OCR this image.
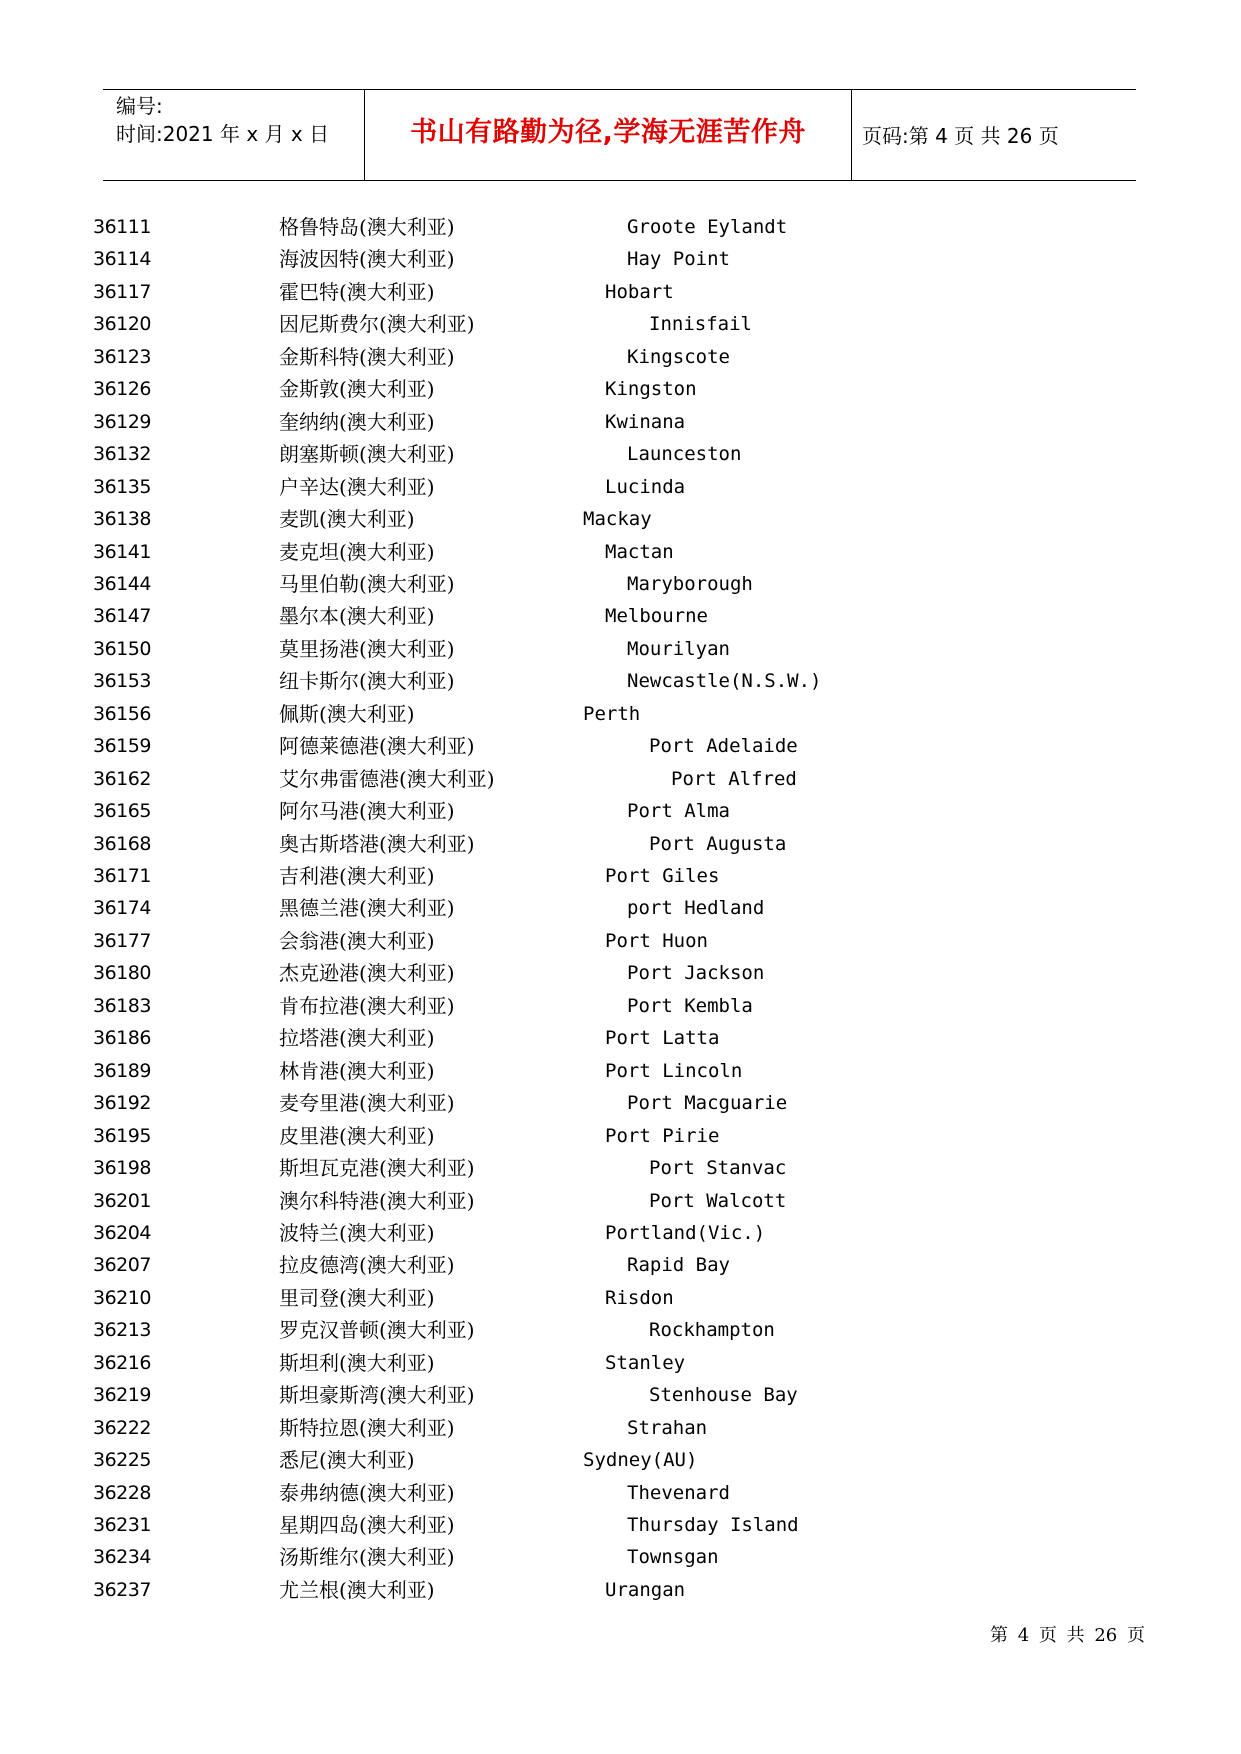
编号:
时间:2021 年 x 月 x 日	书山有路勤为径,学海无涯苦作舟	页码:第 4 页 共 26 页
36111	格鲁特岛(澳大利亚)	Groote Eylandt
36114	海波因特(澳大利亚)	Hay Point
36117	霍巴特(澳大利亚)	Hobart
36120	因尼斯费尔(澳大利亚)	Innisfail
36123	金斯科特(澳大利亚)	Kingscote
36126	金斯敦(澳大利亚)	Kingston
36129	奎纳纳(澳大利亚)	Kwinana
36132	朗塞斯顿(澳大利亚)	Launceston
36135	户辛达(澳大利亚)	Lucinda
36138	麦凯(澳大利亚)	Mackay
36141	麦克坦(澳大利亚)	Mactan
36144	马里伯勒(澳大利亚)	Maryborough
36147	墨尔本(澳大利亚)	Melbourne
36150	莫里扬港(澳大利亚)	Mourilyan
36153	纽卡斯尔(澳大利亚)	Newcastle(N.S.W.)
36156	佩斯(澳大利亚)	Perth
36159	阿德莱德港(澳大利亚)	Port Adelaide
36162	艾尔弗雷德港(澳大利亚)	Port Alfred
36165	阿尔马港(澳大利亚)	Port Alma
36168	奥古斯塔港(澳大利亚)	Port Augusta
36171	吉利港(澳大利亚)	Port Giles
36174	黑德兰港(澳大利亚)	port Hedland
36177	会翁港(澳大利亚)	Port Huon
36180	杰克逊港(澳大利亚)	Port Jackson
36183	肯布拉港(澳大利亚)	Port Kembla
36186	拉塔港(澳大利亚)	Port Latta
36189	林肯港(澳大利亚)	Port Lincoln
36192	麦夸里港(澳大利亚)	Port Macguarie
36195	皮里港(澳大利亚)	Port Pirie
36198	斯坦瓦克港(澳大利亚)	Port Stanvac
36201	澳尔科特港(澳大利亚)	Port Walcott
36204	波特兰(澳大利亚)	Portland(Vic.)
36207	拉皮德湾(澳大利亚)	Rapid Bay
36210	里司登(澳大利亚)	Risdon
36213	罗克汉普顿(澳大利亚)	Rockhampton
36216	斯坦利(澳大利亚)	Stanley
36219	斯坦豪斯湾(澳大利亚)	Stenhouse Bay
36222	斯特拉恩(澳大利亚)	Strahan
36225	悉尼(澳大利亚)	Sydney(AU)
36228	泰弗纳德(澳大利亚)	Thevenard
36231	星期四岛(澳大利亚)	Thursday Island
36234	汤斯维尔(澳大利亚)	Townsgan
36237	尤兰根(澳大利亚)	Urangan
第 4 页 共 26 页
